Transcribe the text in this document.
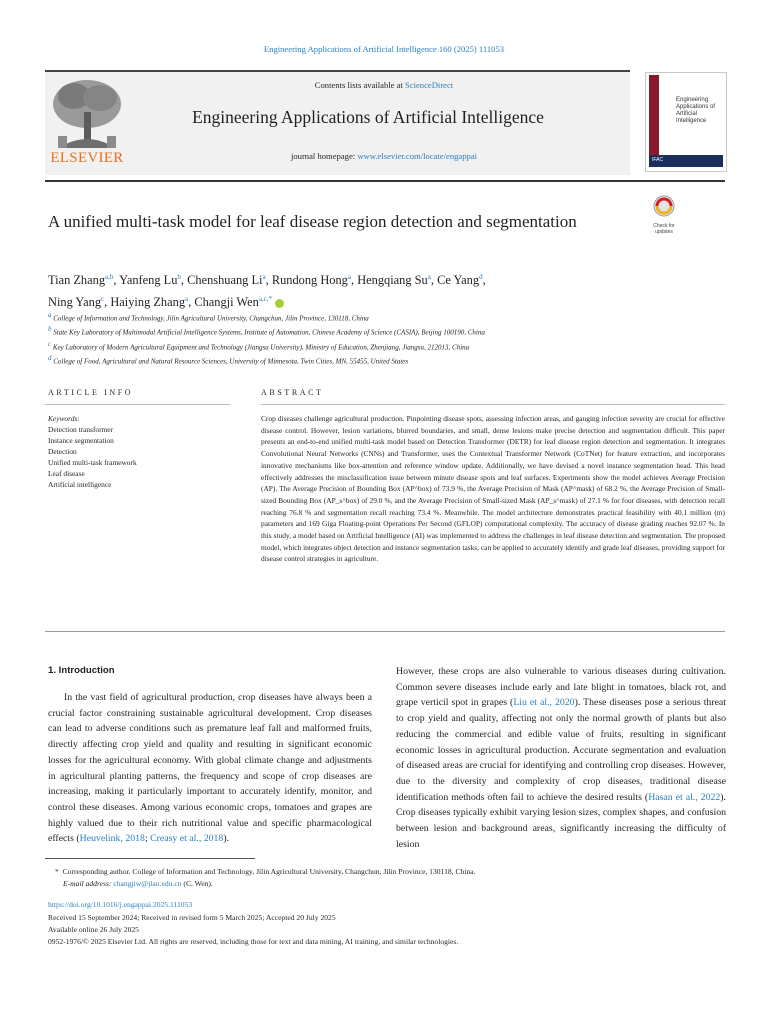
Engineering Applications of Artificial Intelligence 160 (2025) 111053
ELSEVIER
Contents lists available at ScienceDirect
Engineering Applications of Artificial Intelligence
journal homepage: www.elsevier.com/locate/engappai
Engineering Applications of Artificial Intelligence
IFAC
A unified multi-task model for leaf disease region detection and segmentation	Check for updates
Tian Zhang$^{a,b}$, Yanfeng Lu$^b$, Chenshuang Li$^a$, Rundong Hong$^a$, Hengqiang Su$^a$, Ce Yang$^d$,
Ning Yang$^c$, Haiying Zhang$^a$, Changji Wen$^{a,c,*}$
$^a$ College of Information and Technology, Jilin Agricultural University, Changchun, Jilin Province, 130118, China
$^b$ State Key Laboratory of Multimodal Artificial Intelligence Systems, Institute of Automation, Chinese Academy of Science (CASIA), Beijing 100190, China
$^c$ Key Laboratory of Modern Agricultural Equipment and Technology (Jiangsu University), Ministry of Education, Zhenjiang, Jiangsu, 212013, China
$^d$ College of Food, Agricultural and Natural Resource Sciences, University of Minnesota, Twin Cities, MN, 55455, United States
ARTICLE INFO	ABSTRACT
Keywords:
Detection transformer
Instance segmentation
Detection
Unified multi-task framework
Leaf disease
Artificial intelligence
Crop diseases challenge agricultural production. Pinpointing disease spots, assessing infection areas, and gauging infection severity are crucial for effective disease control. However, lesion variations, blurred boundaries, and small, dense lesions make precise detection and segmentation difficult. This paper presents an end-to-end unified multi-task model based on Detection Transformer (DETR) for leaf disease region detection and segmentation. It integrates Convolutional Neural Networks (CNNs) and Transformer, uses the Contextual Transformer Network (CoTNet) for feature extraction, and incorporates innovative mechanisms like box-attention and reference window update. Additionally, we have devised a novel instance segmentation head. This head effectively addresses the misclassification issue between minute disease spots and leaf surfaces. Experiments show the model achieves Average Precision (AP). The Average Precision of Bounding Box (AP^box) of 73.9 %, the Average Precision of Mask (AP^mask) of 68.2 %, the Average Precision of Small-sized Bounding Box (AP_s^box) of 29.0 %, and the Average Precision of Small-sized Mask (AP_s^mask) of 27.1 % for four diseases, with detection recall reaching 76.8 % and segmentation recall reaching 73.4 %. Meanwhile. The model architecture demonstrates practical feasibility with 40.1 million (m) parameters and 169 Giga Floating-point Operations Per Second (GFLOP) computational complexity. The accuracy of disease grading reaches 92.07 %. In this study, a model based on Artificial Intelligence (AI) was implemented to address the challenges in leaf disease detection and segmentation. The proposed model, which integrates object detection and instance segmentation tasks, can be applied to accurately identify and grade leaf diseases, providing support for disease control strategies in agriculture.
1. Introduction
In the vast field of agricultural production, crop diseases have always been a crucial factor constraining sustainable agricultural development. Crop diseases can lead to adverse conditions such as premature leaf fall and malformed fruits, directly affecting crop yield and quality and resulting in significant economic losses for the agricultural economy. With global climate change and adjustments in agricultural planting patterns, the frequency and scope of crop diseases are increasing, making it particularly important to accurately identify, monitor, and control these diseases. Among various economic crops, tomatoes and grapes are highly valued due to their rich nutritional value and specific pharmacological effects (Heuvelink, 2018; Creasy et al., 2018).
However, these crops are also vulnerable to various diseases during cultivation. Common severe diseases include early and late blight in tomatoes, black rot, and grape verticil spot in grapes (Liu et al., 2020). These diseases pose a serious threat to crop yield and quality, affecting not only the normal growth of plants but also reducing the commercial and edible value of fruits, resulting in significant economic losses in agricultural production. Accurate segmentation and evaluation of diseased areas are crucial for identifying and controlling crop diseases. However, due to the diversity and complexity of crop diseases, traditional disease identification methods often fail to achieve the desired results (Hasan et al., 2022). Crop diseases typically exhibit varying lesion sizes, complex shapes, and confusion between lesion and background areas, significantly increasing the difficulty of lesion
*  Corresponding author. College of Information and Technology, Jilin Agricultural University, Changchun, Jilin Province, 130118, China.
E-mail address: changjiw@jlau.edu.cn (C. Wen).
https://doi.org/10.1016/j.engappai.2025.111053
Received 15 September 2024; Received in revised form 5 March 2025; Accepted 20 July 2025
Available online 26 July 2025
0952-1976/© 2025 Elsevier Ltd. All rights are reserved, including those for text and data mining, AI training, and similar technologies.
